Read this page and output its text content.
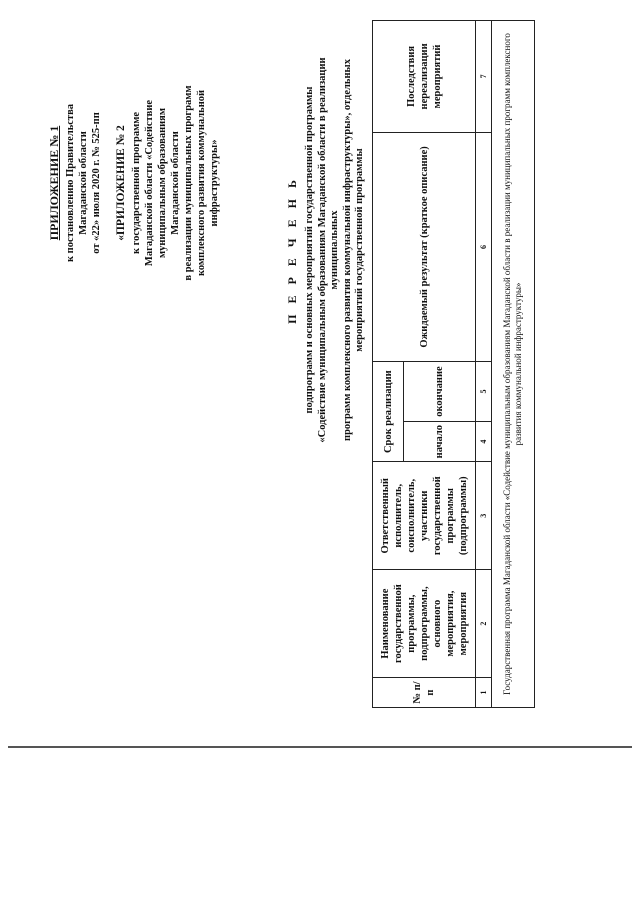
ПРИЛОЖЕНИЕ № 1 к постановлению Правительства Магаданской области от «22» июля 2020 г. № 525-пп «ПРИЛОЖЕНИЕ № 2 к государственной программе Магаданской области «Содействие муниципальным образованиям Магаданской области в реализации муниципальных программ комплексного развития коммунальной инфраструктуры»	П Е Р Е Ч Е Н Ь подпрограмм и основных мероприятий государственной программы «Содействие муниципальным образованиям Магаданской области в реализации муниципальных программ комплексного развития коммунальной инфраструктуры», отдельных мероприятий государственной программы
№ п/п	Наименование государственной программы, подпрограммы, основного мероприятия, мероприятия	Ответственный исполнитель, соисполнитель, участники государственной программы (подпрограммы)	Срок реализации		Ожидаемый результат (краткое описание)	Последствия нереализации мероприятий
			начало	окончание		
1	2	3	4	5	6	7
Государственная программа Магаданской области «Содействие муниципальным образованиям Магаданской области в реализации муниципальных программ комплексного развития коммунальной инфраструктуры»						
